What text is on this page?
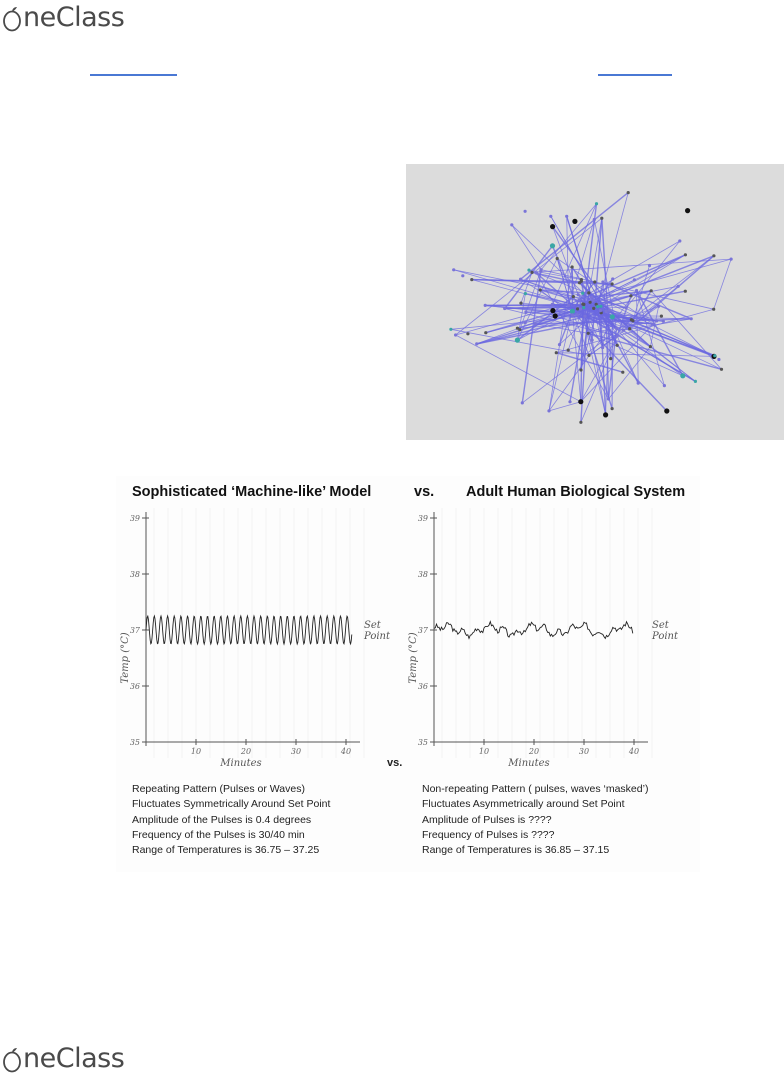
neClass
Sophisticated ‘Machine-like’ Model	vs. Adult Human Biological System
35
36
37
38
39
10	20	30	40
Minutes
Temp (°C)
Set
Point
35
36
37
38
39
10	20	30	40
Minutes
Temp (°C)
Set
Point
vs.
Repeating Pattern (Pulses or Waves)
Fluctuates Symmetrically Around Set Point
Amplitude of the Pulses is 0.4 degrees
Frequency of the Pulses is 30/40 min
Range of Temperatures is 36.75 – 37.25
Non-repeating Pattern ( pulses, waves ‘masked’)
Fluctuates Asymmetrically around Set Point
Amplitude of Pulses is ????
Frequency of Pulses is ????
Range of Temperatures is 36.85 – 37.15
neClass
